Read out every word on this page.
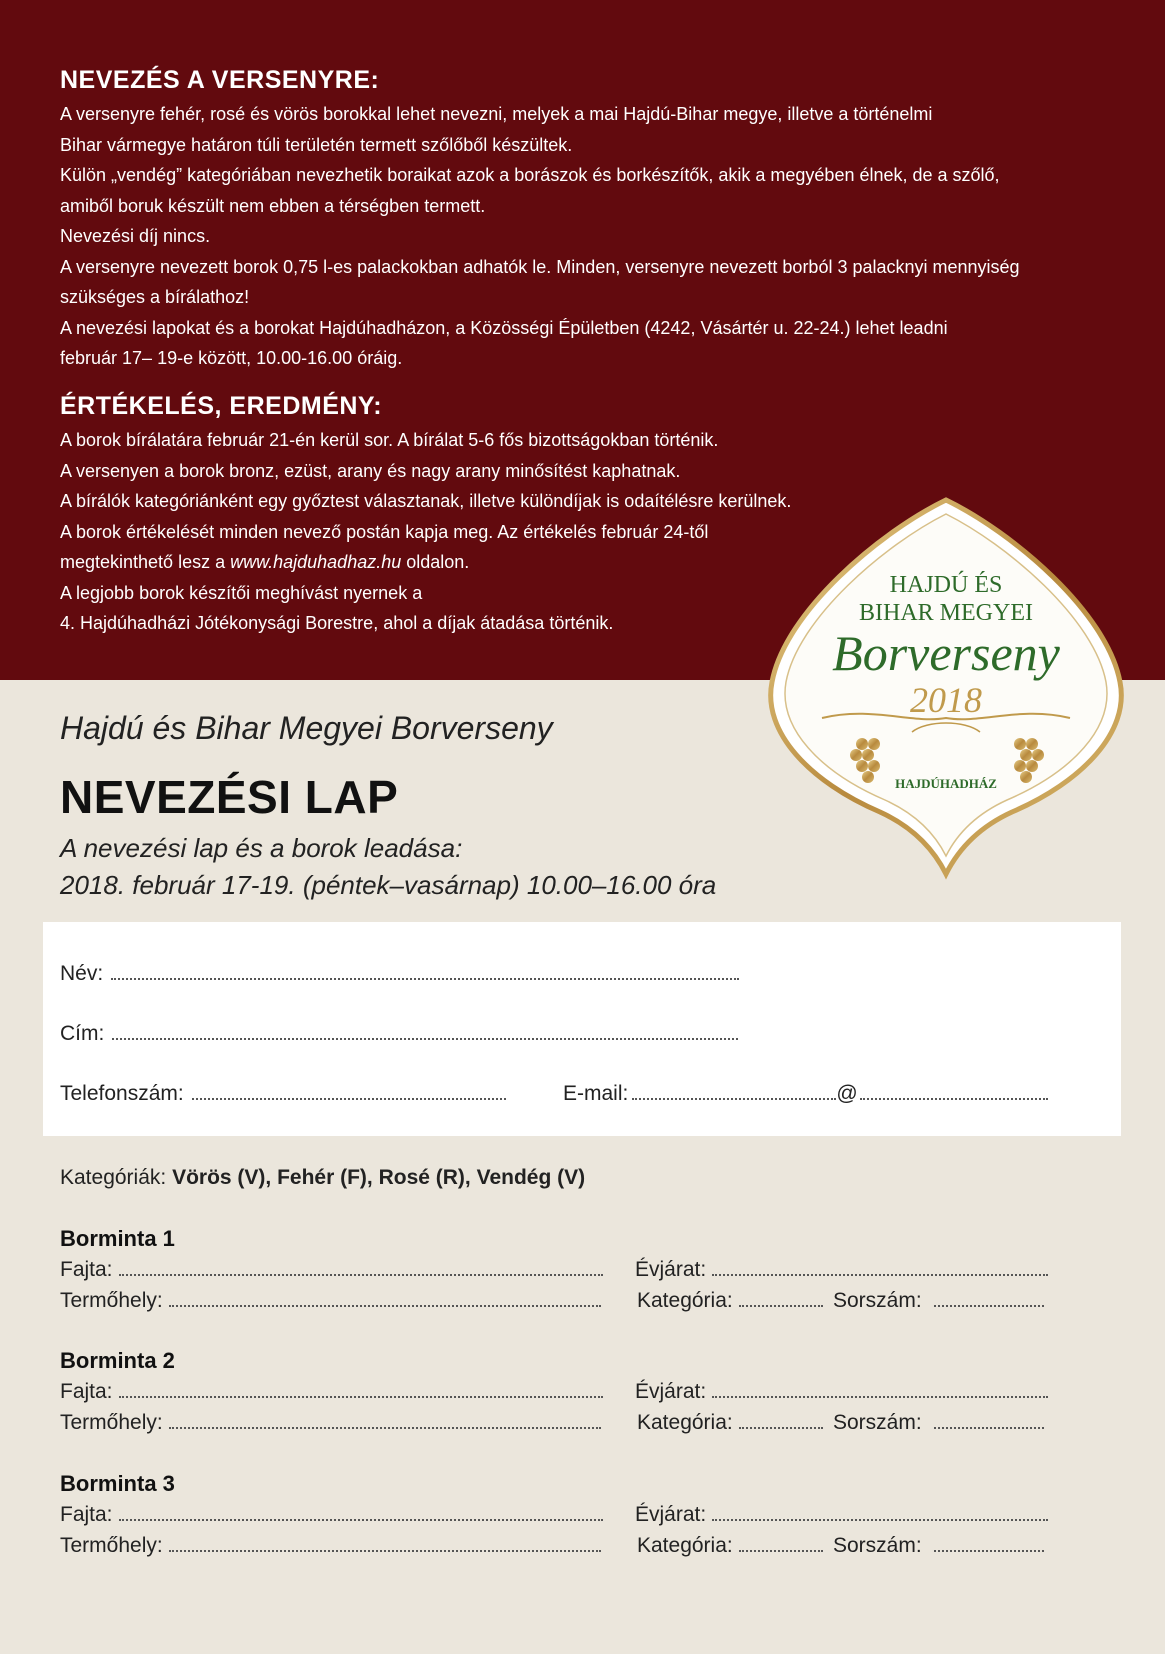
NEVEZÉS A VERSENYRE:

A versenyre fehér, rosé és vörös borokkal lehet nevezni, melyek a mai Hajdú-Bihar megye, illetve a történelmi

Bihar vármegye határon túli területén termett szőlőből készültek.

Külön „vendég” kategóriában nevezhetik boraikat azok a borászok és borkészítők, akik a megyében élnek, de a szőlő,

amiből boruk készült nem ebben a térségben termett.

Nevezési díj nincs.

A versenyre nevezett borok 0,75 l-es palackokban adhatók le. Minden, versenyre nevezett borból 3 palacknyi mennyiség

szükséges a bírálathoz!

A nevezési lapokat és a borokat Hajdúhadházon, a Közösségi Épületben (4242, Vásártér u. 22-24.) lehet leadni

február 17– 19-e között, 10.00-16.00 óráig.

ÉRTÉKELÉS, EREDMÉNY:

A borok bírálatára február 21-én kerül sor. A bírálat 5-6 fős bizottságokban történik.

A versenyen a borok bronz, ezüst, arany és nagy arany minősítést kaphatnak.

A bírálók kategóriánként egy győztest választanak, illetve különdíjak is odaítélésre kerülnek.

A borok értékelését minden nevező postán kapja meg. Az értékelés február 24-től

megtekinthető lesz a www.hajduhadhaz.hu oldalon.

A legjobb borok készítői meghívást nyernek a

4. Hajdúhadházi Jótékonysági Borestre, ahol a díjak átadása történik.

HAJDÚ ÉS
BIHAR MEGYEI
Borverseny
2018
HAJDÚHADHÁZ
Hajdú és Bihar Megyei Borverseny
NEVEZÉSI LAP
A nevezési lap és a borok leadása:
2018. február 17-19. (péntek–vasárnap) 10.00–16.00 óra
Név:
Cím:
Telefonszám:	E-mail:	@
Kategóriák: Vörös (V), Fehér (F), Rosé (R), Vendég (V)
Borminta 1
Fajta:	Évjárat:
Termőhely:	Kategória:	Sorszám:
Borminta 2
Fajta:	Évjárat:
Termőhely:	Kategória:	Sorszám:
Borminta 3
Fajta:	Évjárat:
Termőhely:	Kategória:	Sorszám:
